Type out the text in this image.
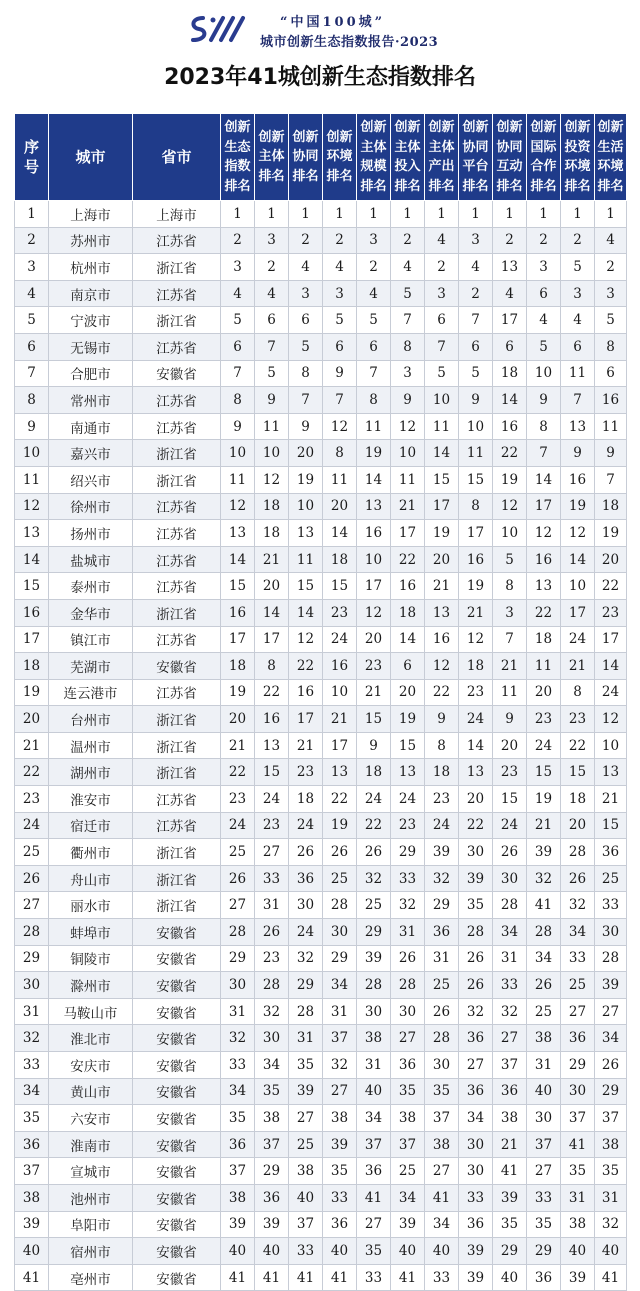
“中国100城”
城市创新生态指数报告·2023
2023年41城创新生态指数排名
序
号	城市	省市	创新
生态
指数
排名	创新
主体
排名	创新
协同
排名	创新
环境
排名	创新
主体
规模
排名	创新
主体
投入
排名	创新
主体
产出
排名	创新
协同
平台
排名	创新
协同
互动
排名	创新
国际
合作
排名	创新
投资
环境
排名	创新
生活
环境
排名

1	上海市	上海市	1	1	1	1	1	1	1	1	1	1	1	1
2	苏州市	江苏省	2	3	2	2	3	2	4	3	2	2	2	4
3	杭州市	浙江省	3	2	4	4	2	4	2	4	13	3	5	2
4	南京市	江苏省	4	4	3	3	4	5	3	2	4	6	3	3
5	宁波市	浙江省	5	6	6	5	5	7	6	7	17	4	4	5
6	无锡市	江苏省	6	7	5	6	6	8	7	6	6	5	6	8
7	合肥市	安徽省	7	5	8	9	7	3	5	5	18	10	11	6
8	常州市	江苏省	8	9	7	7	8	9	10	9	14	9	7	16
9	南通市	江苏省	9	11	9	12	11	12	11	10	16	8	13	11
10	嘉兴市	浙江省	10	10	20	8	19	10	14	11	22	7	9	9
11	绍兴市	浙江省	11	12	19	11	14	11	15	15	19	14	16	7
12	徐州市	江苏省	12	18	10	20	13	21	17	8	12	17	19	18
13	扬州市	江苏省	13	18	13	14	16	17	19	17	10	12	12	19
14	盐城市	江苏省	14	21	11	18	10	22	20	16	5	16	14	20
15	泰州市	江苏省	15	20	15	15	17	16	21	19	8	13	10	22
16	金华市	浙江省	16	14	14	23	12	18	13	21	3	22	17	23
17	镇江市	江苏省	17	17	12	24	20	14	16	12	7	18	24	17
18	芜湖市	安徽省	18	8	22	16	23	6	12	18	21	11	21	14
19	连云港市	江苏省	19	22	16	10	21	20	22	23	11	20	8	24
20	台州市	浙江省	20	16	17	21	15	19	9	24	9	23	23	12
21	温州市	浙江省	21	13	21	17	9	15	8	14	20	24	22	10
22	湖州市	浙江省	22	15	23	13	18	13	18	13	23	15	15	13
23	淮安市	江苏省	23	24	18	22	24	24	23	20	15	19	18	21
24	宿迁市	江苏省	24	23	24	19	22	23	24	22	24	21	20	15
25	衢州市	浙江省	25	27	26	26	26	29	39	30	26	39	28	36
26	舟山市	浙江省	26	33	36	25	32	33	32	39	30	32	26	25
27	丽水市	浙江省	27	31	30	28	25	32	29	35	28	41	32	33
28	蚌埠市	安徽省	28	26	24	30	29	31	36	28	34	28	34	30
29	铜陵市	安徽省	29	23	32	29	39	26	31	26	31	34	33	28
30	滁州市	安徽省	30	28	29	34	28	28	25	26	33	26	25	39
31	马鞍山市	安徽省	31	32	28	31	30	30	26	32	32	25	27	27
32	淮北市	安徽省	32	30	31	37	38	27	28	36	27	38	36	34
33	安庆市	安徽省	33	34	35	32	31	36	30	27	37	31	29	26
34	黄山市	安徽省	34	35	39	27	40	35	35	36	36	40	30	29
35	六安市	安徽省	35	38	27	38	34	38	37	34	38	30	37	37
36	淮南市	安徽省	36	37	25	39	37	37	38	30	21	37	41	38
37	宣城市	安徽省	37	29	38	35	36	25	27	30	41	27	35	35
38	池州市	安徽省	38	36	40	33	41	34	41	33	39	33	31	31
39	阜阳市	安徽省	39	39	37	36	27	39	34	36	35	35	38	32
40	宿州市	安徽省	40	40	33	40	35	40	40	39	29	29	40	40
41	亳州市	安徽省	41	41	41	41	33	41	33	39	40	36	39	41
